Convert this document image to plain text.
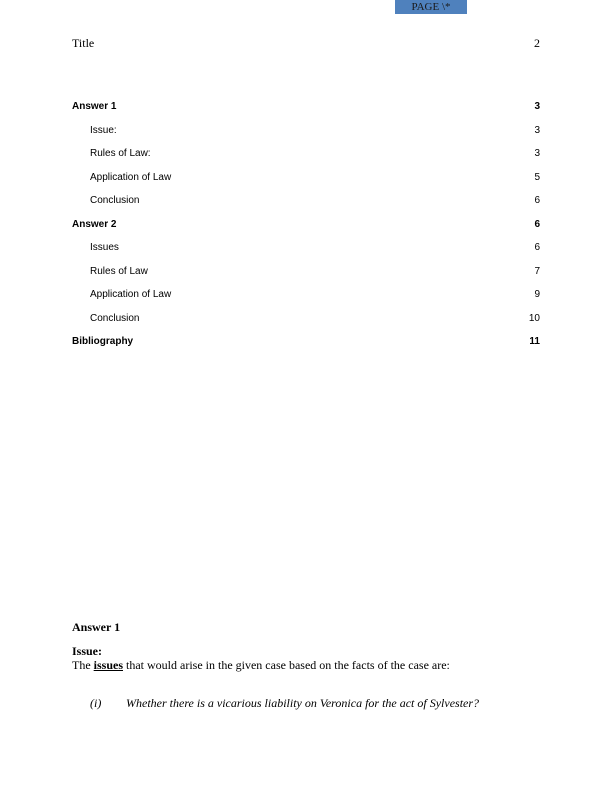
PAGE \*
Title	2
Answer 1	3
Issue:	3
Rules of Law:	3
Application of Law	5
Conclusion	6
Answer 2	6
Issues	6
Rules of Law	7
Application of Law	9
Conclusion	10
Bibliography	11

Answer 1

Issue:

The issues that would arise in the given case based on the facts of the case are:

(i)	Whether there is a vicarious liability on Veronica for the act of Sylvester?
